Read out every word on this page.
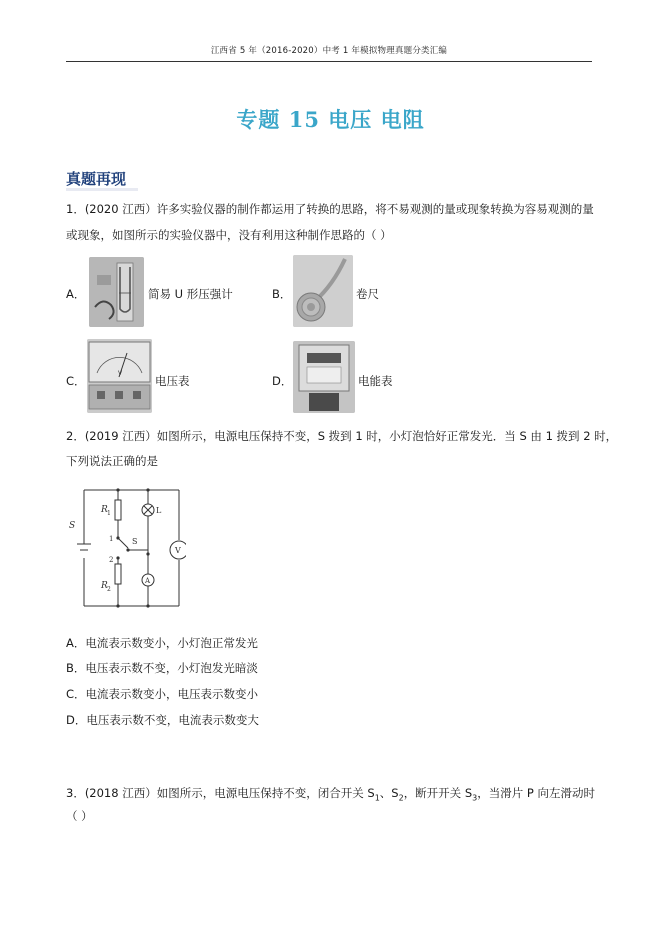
江西省 5 年（2016-2020）中考 1 年模拟物理真题分类汇编
专题 15 电压 电阻
真题再现
1．(2020 江西）许多实验仪器的制作都运用了转换的思路，将不易观测的量或现象转换为容易观测的量
或现象，如图所示的实验仪器中，没有利用这种制作思路的（ ）
A．	简易 U 形压强计	B．	卷尺
C．
V
电压表	D．	电能表
2．(2019 江西）如图所示，电源电压保持不变，S 拨到 1 时，小灯泡恰好正常发光．当 S 由 1 拨到 2 时，
下列说法正确的是
S
R 1
R 2
L
S
1
2
V
A
A．电流表示数变小，小灯泡正常发光
B．电压表示数不变，小灯泡发光暗淡
C．电流表示数变小，电压表示数变小
D．电压表示数不变，电流表示数变大
3．(2018 江西）如图所示，电源电压保持不变，闭合开关 $S_1$、$S_2$，断开开关 $S_3$，当滑片 P 向左滑动时
（ ）
